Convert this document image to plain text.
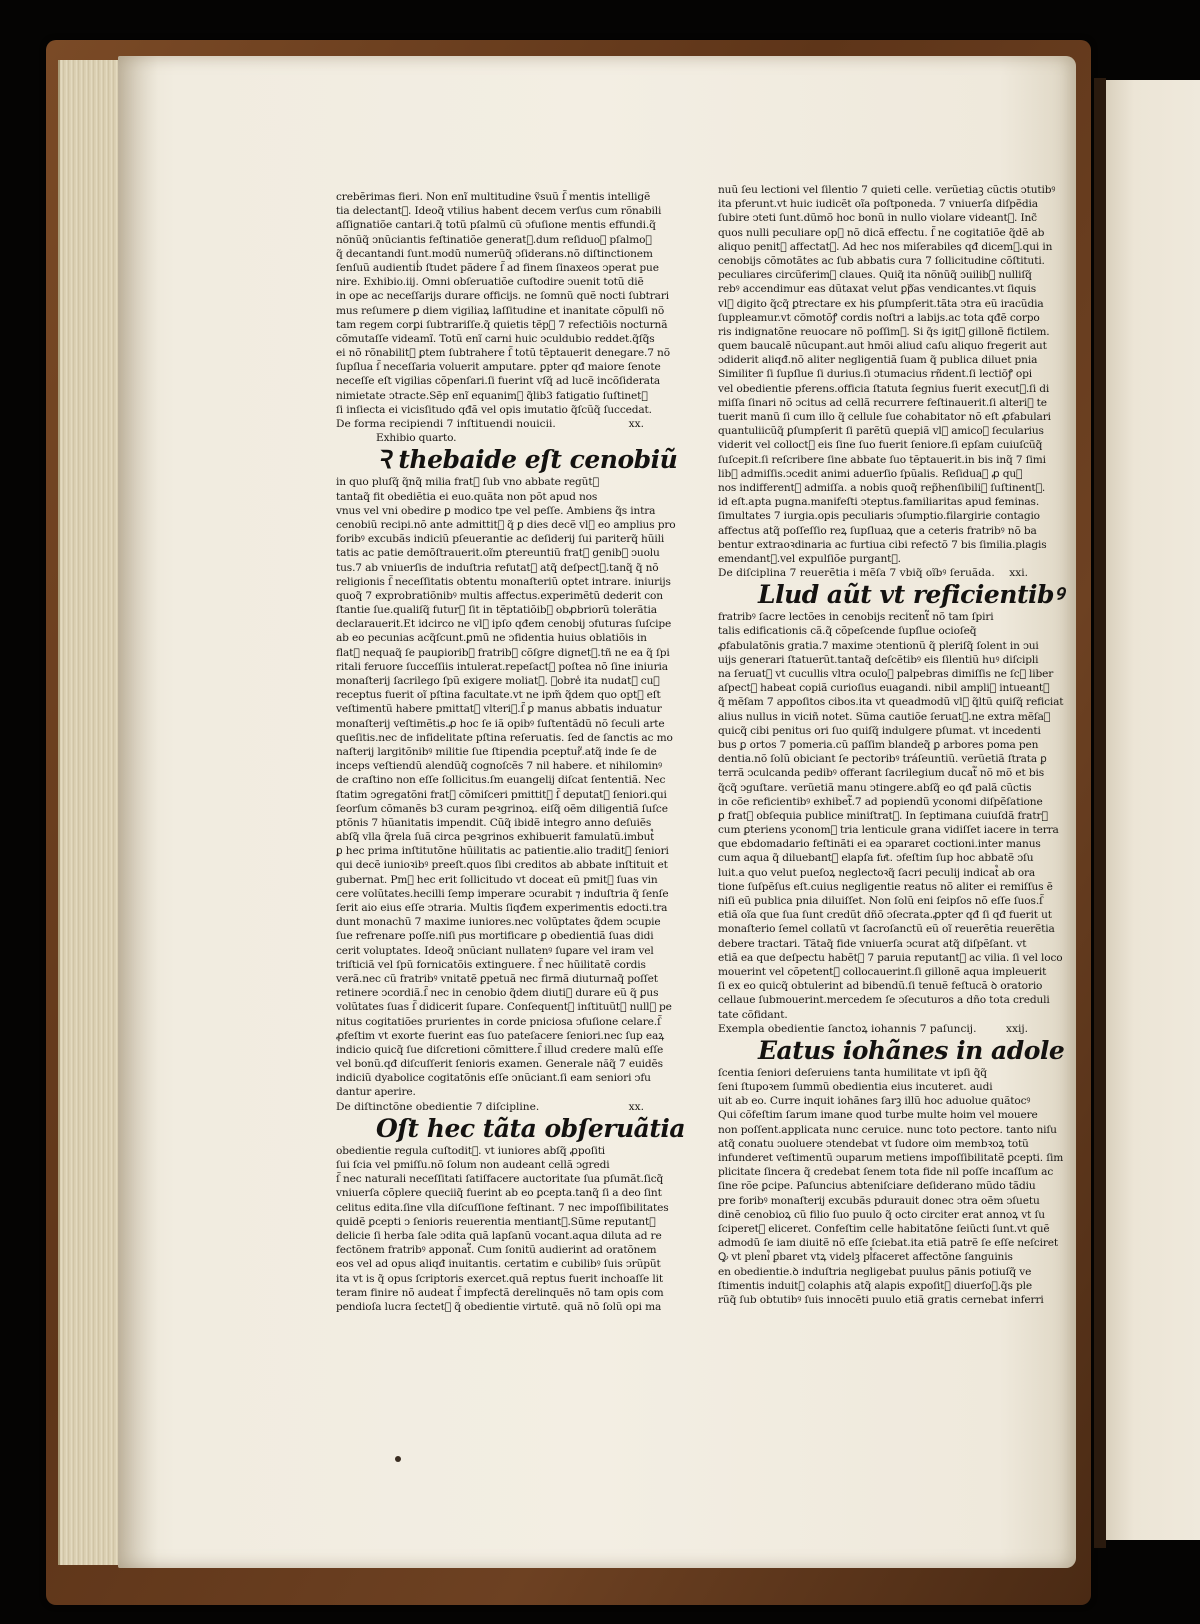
crebẽrimas fieri. Non enĩ multitudine ṽsuũ ſ̃ mentis intelligẽ
tia delectant᷑. Ideoq̃ vtilius habent decem verſus cum rõnabili
aſſignatiõe cantari.q̃ totũ pſalmũ cũ ↄfuſione mentis effundi.q̃
nõnũq̃ ↄnũciantis feſtinatiõe generat᷑.dum reſiduoꝛ pſalmoꝝ
q̃ decantandi ſunt.modũ numerũq̃ ↄſiderans.nõ diſtinctionem
ſenſuũ audientib̾ ſtudet pãdere ſ̃ ad finem ſinaxeos ↄperat pue
nire. Exhibio.iij. Omni obſeruatiõe cuſtodire ↄuenit totũ diẽ
in ope ac neceſſarijs durare officijs. ne ſomnũ quẽ nocti ſubtrari
mus reſumere ꝑ diem vigiliaꝝ laſſitudine et inanitate cõpulſi nõ
tam regem corꝑi ſubtrariſſe.q̃ quietis tẽp᷒ 7 refectiõis nocturnã
cõmutaſſe videamĩ. Totũ enĩ carni huic ↄculdubio reddet.q̃ſq̃s
ei nõ rõnabilit᷑ ꝑtem ſubtrahere ſ̃ totũ tẽptauerit denegare.7 nõ
ſupſlua ſ̃ neceſſaria voluerit amputare. ꝑpter qđ maiore ſenote
neceſſe eſt vigilias cõpenſari.ſi fuerint vſq̃ ad lucẽ incõſiderata
nimietate ↄtracte.Sẽp enĩ equanim᷒ q̃lib3 fatigatio ſuſtinet᷑
ſi inſiecta ei vicisſitudo qđã vel opis imutatio q̃ſcũq̃ ſuccedat.
De forma recipiendi 7 inſtituendi nouicii.	xx.
Exhibio quarto.
Ꝛ thebaide eſt cenobiũ
in quo pluſq̃ q̃nq̃ milia frat᷑ ſub vno abbate regũt᷑
tantaq̃ fit obediẽtia ei euo.quãta non põt apud nos
vnus vel vni obedire ꝑ modico tpe vel peſſe. Ambiens q̃s intra
cenobiũ recipi.nõ ante admittit᷑ q̃ ꝑ dies decẽ vl᷑ eo amplius pro
foribꝰ excubãs indiciũ pſeuerantie ac deſiderij ſui pariterq̃ hũili
tatis ac patie demõſtrauerit.oĩm ꝑtereuntiũ frat᷑ genibꝰ ↄuolu
tus.7 ab vniuerſis de induſtria refutat᷑ atq̃ deſpect᷑.tanq̃ q̃ nõ
religionis ſ̃ neceſſitatis obtentu monaſteriũ optet intrare. iniurijs
quoq̃ 7 exprobratiõnibꝰ multis affectus.experimẽtũ dederit con
ſtantie ſue.qualiſq̃ futur᷒ ſit in tẽptatiõibꝰ obꝓbriorũ tolerãtia
declarauerit.Et idcirco ne vl᷑ ipſo qđem cenobij ↄfuturas ſuſcipe
ab eo pecunias acq̃ſcunt.ꝑmũ ne ↄfidentia huius oblatiõis in
flat᷒ nequaq̃ ſe pauꝑioribꝰ fratribꝰ cõſgre dignet᷑.tñ ne ea q̃ ſpi
ritali feruore ſucceſſiis intulerat.repeſact᷒ poſtea nõ ſine iniuria
monaſterij ſacrilego ſpũ exigere moliat᷑. Ꝙobre̾ ita nudat᷑ cuꝰ
receptus fuerit oĩ pſtina facultate.vt ne ipm̃ q̃dem quo opt᷑ eſt
veſtimentũ habere pmittat᷑ vlteri᷒.ſ̃ ꝑ manus abbatis induatur
monaſterij veſtimẽtis.ꝓ hoc ſe iã opibꝰ ſuſtentãdũ nõ ſeculi arte
queſitis.nec de infidelitate pſtina reſeruatis. ſed de ſanctis ac mo
naſterij largitõnibꝰ militie ſue ſtipendia pceptur᷑.atq̃ inde ſe de
inceps veſtiendũ alendũq̃ cognoſcẽs 7 nil habere. et nihilominꝰ
de craſtino non eſſe ſollicitus.ſm euangelij diſcat ſententiã. Nec
ſtatim ↄgregatõni frat᷑ cõmiſceri pmittit᷑ ſ̃ deputat᷑ ſeniori.qui
ſeorſum cõmanẽs b3 curam peꝛgrinoꝝ. eiſq̃ oẽm diligentiã ſuſce
ptõnis 7 hũanitatis impendit. Cũq̃ ibidẽ integro anno deſuiẽs
abſq̃ vlla q̃rela ſuã circa peꝛgrinos exhibuerit famulatũ.imbut᷒
ꝑ hec prima inſtitutõne hũilitatis ac patientie.alio tradit᷑ ſeniori
qui decẽ iunioꝛibꝰ preeſt.quos ſibi creditos ab abbate inſtituit et
gubernat. Pmᷓ hec erit ſollicitudo vt doceat eũ pmit᷒ ſuas vin
cere volũtates.hecilli ſemp imperare ↄcurabit ⁊ induſtria q̃ ſenſe
ſerit aio eius eſſe ↄtraria. Multis ſiqđem experimentis edocti.tra
dunt monachũ 7 maxime iuniores.nec volũptates q̃dem ↄcupie
ſue refrenare poſſe.niſi pͥus mortificare ꝑ obedientiã ſuas didi
cerit voluptates. Ideoq̃ ↄnũciant nullatenꝰ ſuꝑare vel iram vel
triſticiã vel ſpũ fornicatõis extinguere. ſ̃ nec hũilitatẽ cordis
verã.nec cũ fratribꝰ vnitatẽ ꝑpetuã nec firmã diuturnaq̃ poſſet
retinere ↄcordiã.ſ̃ nec in cenobio q̃dem diuti᷒ durare eũ q̃ ꝑus
volũtates ſuas ſ̃ didicerit ſupare. Conſequent᷑ inſtituũt᷑ null᷒ pe
nitus cogitatiões prurientes in corde pniciosa ↄfuſione celare.ſ̃
ꝓfeſtim vt exorte fuerint eas ſuo pateſacere ſeniori.nec ſup eaꝝ
indicio quicq̃ ſue diſcretioni cõmittere.ſ̃ illud credere malũ eſſe
vel bonũ.qđ diſcuſſerit ſenioris examen. Generale năq̃ 7 euidẽs
indiciũ dyabolice cogitatõnis eſſe ↄnũciant.ſi eam seniori ↄfu
dantur aperire.
De diſtinctõne obedientie 7 diſcipline.	xx.
Oſt hec tãta obſeruãtia
obedientie regula cuſtodit᷑. vt iuniores abſq̃ ꝓpoſiti
ſui ſcia vel pmiſſu.nõ ſolum non audeant cellã ↄgredi
ſ̃ nec naturali neceſſitati ſatiſfacere auctoritate ſua pſumãt.ſicq̃
vniuerſa cõplere queciiq̃ fuerint ab eo ꝑcepta.tanq̃ ſi a deo ſint
celitus edita.ſine vlla diſcuſſione feſtinant. 7 nec impoſſibilitates
quidẽ ꝑcepti ↄ ſenioris reuerentia mentiant᷑.Sũme reputant᷑
delicie ſi herba ſale ↄdita quã lapſanũ vocant.aqua diluta ad re
fectõnem fratribꝰ apponat᷑. Cum ſonitũ audierint ad oratõnem
eos vel ad opus aliqđ inuitantis. certatim e cubilibꝰ ſuis ↄrũpũt
ita vt is q̃ opus ſcriptoris exercet.quã reptus fuerit inchoaſſe lit
teram finire nõ audeat ſ̃ impfectã derelinquẽs nõ tam opis com
pendioſa lucra ſectet᷑ q̃ obedientie virtutẽ. quã nõ ſolũ opi ma
nuũ ſeu lectioni vel ſilentio 7 quieti celle. verũetiaꝫ cũctis ↄtutibꝰ
ita pferunt.vt huic iudicẽt oĩa poſtponeda. 7 vniuerſa diſpẽdia
ſubire ↄteti ſunt.dũmõ hoc bonũ in nullo violare videant᷑. Inc̃
quos nulli peculiare op᷒ nõ dicã effectu. ſ̃ ne cogitatiõe q̃dẽ ab
aliquo penit᷒ affectat᷑. Ad hec nos miſerabiles qđ dicem᷒.qui in
cenobijs cõmotãtes ac ſub abbatis cura 7 ſollicitudine cõſtituti.
peculiares circũferim᷒ claues. Quiq̃ ita nõnũq̃ ↄuilibꝰ nulliſq̃
rebꝰ accendimur eas dũtaxat velut ꝑpᷓas vendicantes.vt ſiquis
vl᷑ digito q̃cq̃ ꝑtrectare ex his ꝑſumpſerit.tãta ↄtra eũ iracũdia
ſuppleamur.vt cõmotõꝭ cordis noſtri a labijs.ac tota qđẽ corpo
ris indignatõne reuocare nõ poſſim᷒. Si q̃s igit᷑ gillonẽ fictilem.
quem baucalẽ nũcupant.aut hmõi aliud caſu aliquo fregerit aut
ↄdiderit aliqđ.nõ aliter negligentiã ſuam q̃ publica diluet pnia
Similiter ſi ſupſlue ſi durius.ſi ↄtumacius rñdent.ſi lectiõꝭ opi
vel obedientie pferens.officia ſtatuta ſegnius fuerit execut᷒.ſi di
miſſa ſinari nõ ↄcitus ad cellã recurrere feſtinauerit.ſi alteri᷒ te
tuerit manũ ſi cum illo q̃ cellule ſue cohabitator nõ eſt ꝓfabulari
quantuliicũq̃ ꝑſumpſerit ſi parẽtũ quepiã vl᷑ amicoꝝ ſecularius
viderit vel colloct᷑ eis ſine ſuo fuerit ſeniore.ſi epſam cuiuſcũq̃
ſuſcepit.ſi reſcribere ſine abbate ſuo tẽptauerit.in bis inq̃ 7 ſimi
lib᷒ admiſſis.ↄcedit animi aduerſio ſpũalis. Reſiduaꝫ ꝓ quꝰ
nos indifferent᷑ admiſſa. a nobis quoq̃ rep̃henſibili᷒ ſuſtinent᷑.
id eſt.apta pugna.manifeſti ↄteptus.familiaritas apud feminas.
ſimultates 7 iurgia.opis peculiaris ↄſumptio.filargirie contagio
affectus atq̃ poſſeſſio reꝝ ſupſluaꝝ que a ceteris fratribꝰ nõ ba
bentur extraoꝛdinaria ac furtiua cibi refectõ 7 bis ſimilia.plagis
emendant᷑.vel expulſiõe purgant᷑.
De diſciplina 7 reuerẽtia i mẽſa 7 vbiq̃ oĩbꝰ ſeruãda. xxi.
Llud aũt vt reficientibꝰ
fratribꝰ ſacre lectões in cenobijs recitent᷑ nõ tam ſpiri
talis edificationis cã.q̃ cõpeſcende ſupſlue ocioſeq̃
ꝓfabulatõnis gratia.7 maxime ↄtentionũ q̃ pleriſq̃ ſolent in ↄui
uijs generari ſtatuerũt.tantaq̃ deſcẽtibꝰ eis ſilentiũ huꝰ diſcipli
na ſeruat᷑ vt cucullis vltra oculoꝝ palpebras dimiſſis ne ſcꝫ liber
aſpect᷒ habeat copiã curioſius euagandi. nibil ampli᷒ intueant᷑
q̃ mẽſam 7 appoſitos cibos.ita vt queadmodũ vl᷑ q̃ltũ quiſq̃ reficiat
alius nullus in viciñ notet. Sũma cautiõe ſeruat᷑.ne extra mẽſaꝫ
quicq̃ cibi penitus ori ſuo quiſq̃ indulgere pſumat. vt incedenti
bus ꝑ ortos 7 pomeria.cũ paſſim blandeq̃ ꝑ arbores poma pen
dentia.nõ ſolũ obiciant ſe pectoribꝰ tráſeuntiũ. verũetiã ſtrata ꝑ
terrã ↄculcanda pedibꝰ offerant ſacrilegium ducat᷑ nõ mõ et bis
q̃cq̃ ↄguſtare. verũetiã manu ↄtingere.abſq̃ eo qđ palã cũctis
in cõe reficientibꝰ exhibet᷑.7 ad popiendũ yconomi diſpẽſatione
ꝑ frat᷑ obſequia publice miniſtrat᷑. In ſeptimana cuiuſdã fratr᷑
cum ꝑteriens yconom᷒ tria lenticule grana vidiſſet iacere in terra
que ebdomadario feſtinãti ei ea ↄpararet coctioni.inter manus
cum aqua q̃ diluebant᷑ elapſa fuͥt. ↄfeſtim ſup hoc abbatẽ ↄſu
luit.a quo velut pueſoꝝ neglectoꝛq̃ ſacri peculij indicat᷒ ab ora
tione ſuſpẽſus eſt.cuius negligentie reatus nõ aliter ei remiſſus ẽ
niſi eũ publica pnia diluiſſet. Non ſolũ eni ſeipſos nõ eſſe ſuos.ſ̃
etiã oĩa que ſua ſunt credũt dñõ ↄſecrata.ꝓpter qđ ſi qđ fuerit ut
monaſterio ſemel collatũ vt ſacroſanctũ eũ oĩ reuerẽtia reuerẽtia
debere tractari. Tãtaq̃ fide vniuerſa ↄcurat atq̃ diſpẽſant. vt
etiã ea que deſpectu habẽt᷑ 7 paruia reputant᷑ ac vilia. ſi vel loco
mouerint vel cõpetent᷒ collocauerint.ſi gillonẽ aqua impleuerit
ſi ex eo quicq̃ obtulerint ad bibendũ.ſi tenuẽ feſtucã ꝺ oratorio
cellaue ſubmouerint.mercedem ſe ↄſecuturos a dño tota creduli
tate cõfidant.
Exempla obedientie ſanctoꝝ iohannis 7 paſuncij.	xxij.
Eatus iohãnes in adole
ſcentia ſeniori deſeruiens tanta humilitate vt ipſi q̃q̃
ſeni ſtupoꝛem ſummũ obedientia eius incuteret. audi
uit ab eo. Curre inquit iohãnes ſarꝫ illũ hoc aduolue quãtocꝰ
Qui cõfeſtim ſarum imane quod turbe multe hoim vel mouere
non poſſent.applicata nunc ceruice. nunc toto pectore. tanto niſu
atq̃ conatu ↄuoluere ↄtendebat vt ſudore oim membꝛoꝝ totũ
infunderet veſtimentũ ↄuparum metiens impoſſibilitatẽ ꝑcepti. ſim
plicitate ſincera q̃ credebat ſenem tota fide nil poſſe incaſſum ac
ſine rõe ꝑcipe. Paſuncius abteniſciare deſiderano mũdo tãdiu
pre foribꝰ monaſterij excubãs pdurauit donec ↄtra oẽm ↄſuetu
dinẽ cenobioꝝ cũ filio ſuo puulo q̃ octo circiter erat annoꝝ vt ſu
ſciperet᷑ eliceret. Confeſtim celle habitatõne ſeiũcti ſunt.vt quẽ
admodũ ſe iam diuitẽ nõ eſſe ſciebat.ita etiã patrẽ ſe eſſe neſciret
Ꝙ vt pleni᷒ ꝑbaret vtꝝ videlꝫ pl᷒faceret affectõne ſanguinis
en obedientie.ꝺ induſtria negligebat puulus pãnis potiuſq̃ ve
ſtimentis induit᷒ colaphis atq̃ alapis expoſit᷒ diuerſoꝝ.q̃s ple
rũq̃ ſub obtutibꝰ ſuis innocẽti puulo etiã gratis cernebat inferri
